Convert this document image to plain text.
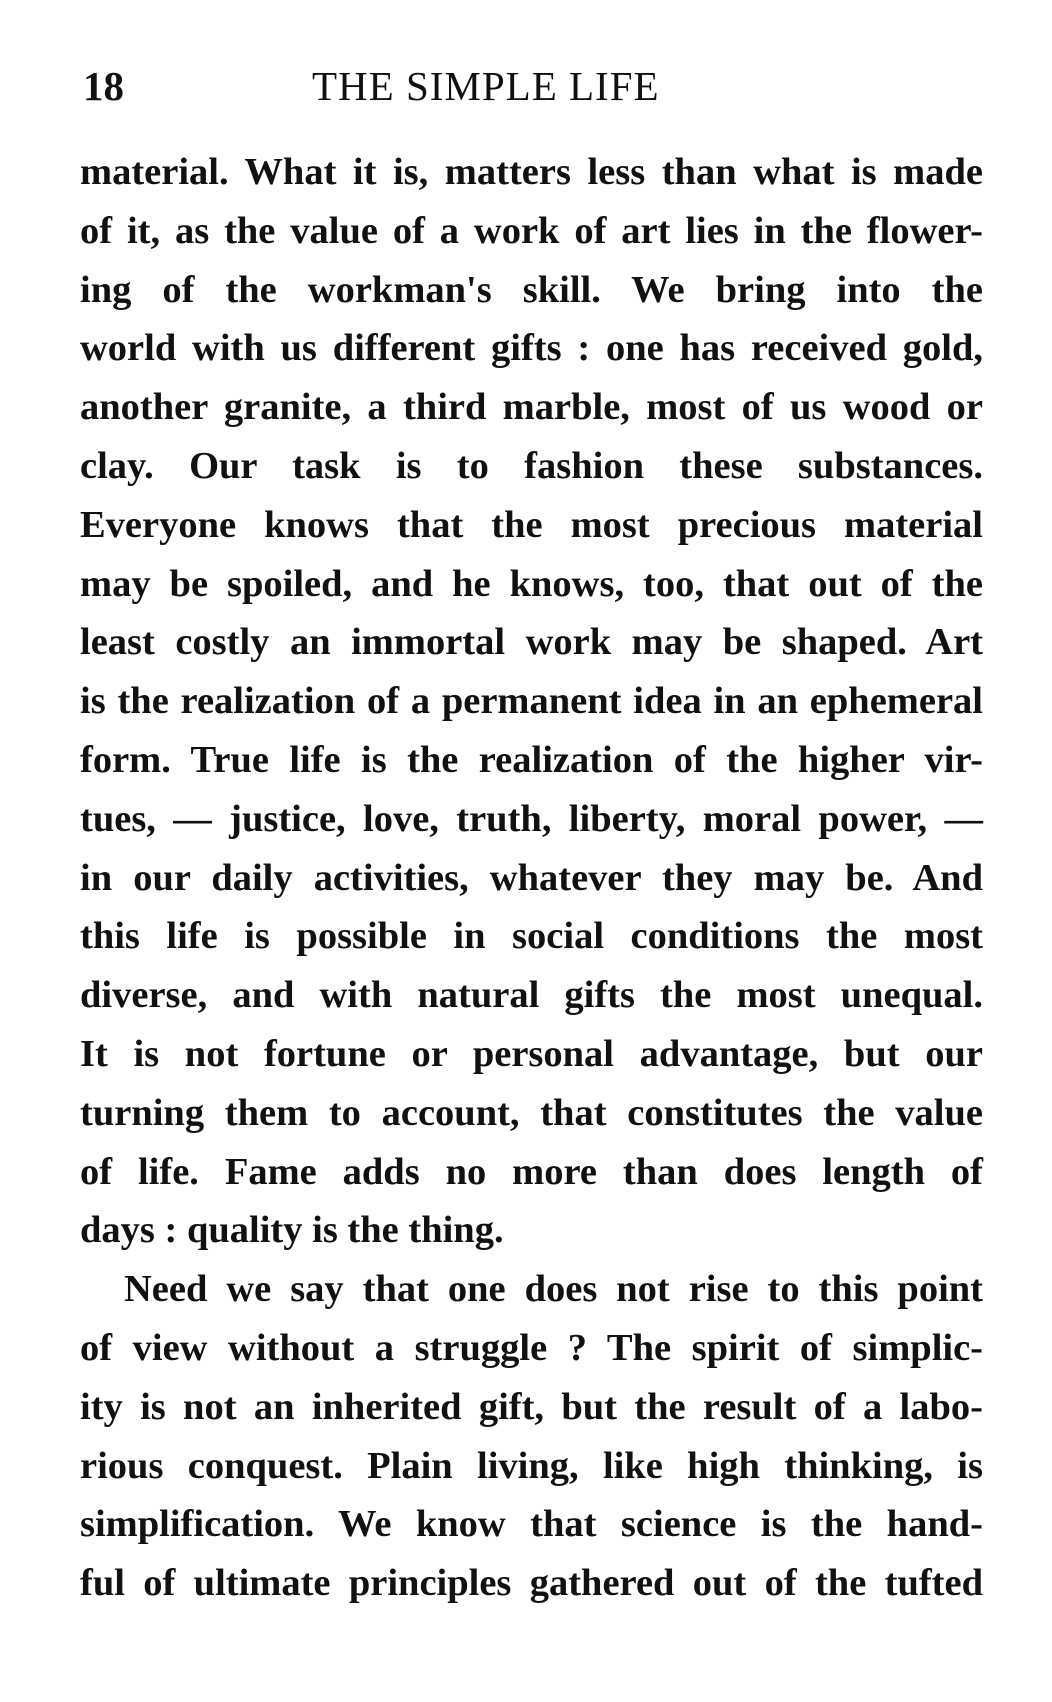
18	THE SIMPLE LIFE
material. What it is, matters less than what is made
of it, as the value of a work of art lies in the flower-
ing of the workman's skill. We bring into the
world with us different gifts : one has received gold,
another granite, a third marble, most of us wood or
clay. Our task is to fashion these substances.
Everyone knows that the most precious material
may be spoiled, and he knows, too, that out of the
least costly an immortal work may be shaped. Art
is the realization of a permanent idea in an ephemeral
form. True life is the realization of the higher vir-
tues, — justice, love, truth, liberty, moral power, —
in our daily activities, whatever they may be. And
this life is possible in social conditions the most
diverse, and with natural gifts the most unequal.
It is not fortune or personal advantage, but our
turning them to account, that constitutes the value
of life. Fame adds no more than does length of
days : quality is the thing.
Need we say that one does not rise to this point
of view without a struggle ? The spirit of simplic-
ity is not an inherited gift, but the result of a labo-
rious conquest. Plain living, like high thinking, is
simplification. We know that science is the hand-
ful of ultimate principles gathered out of the tufted
